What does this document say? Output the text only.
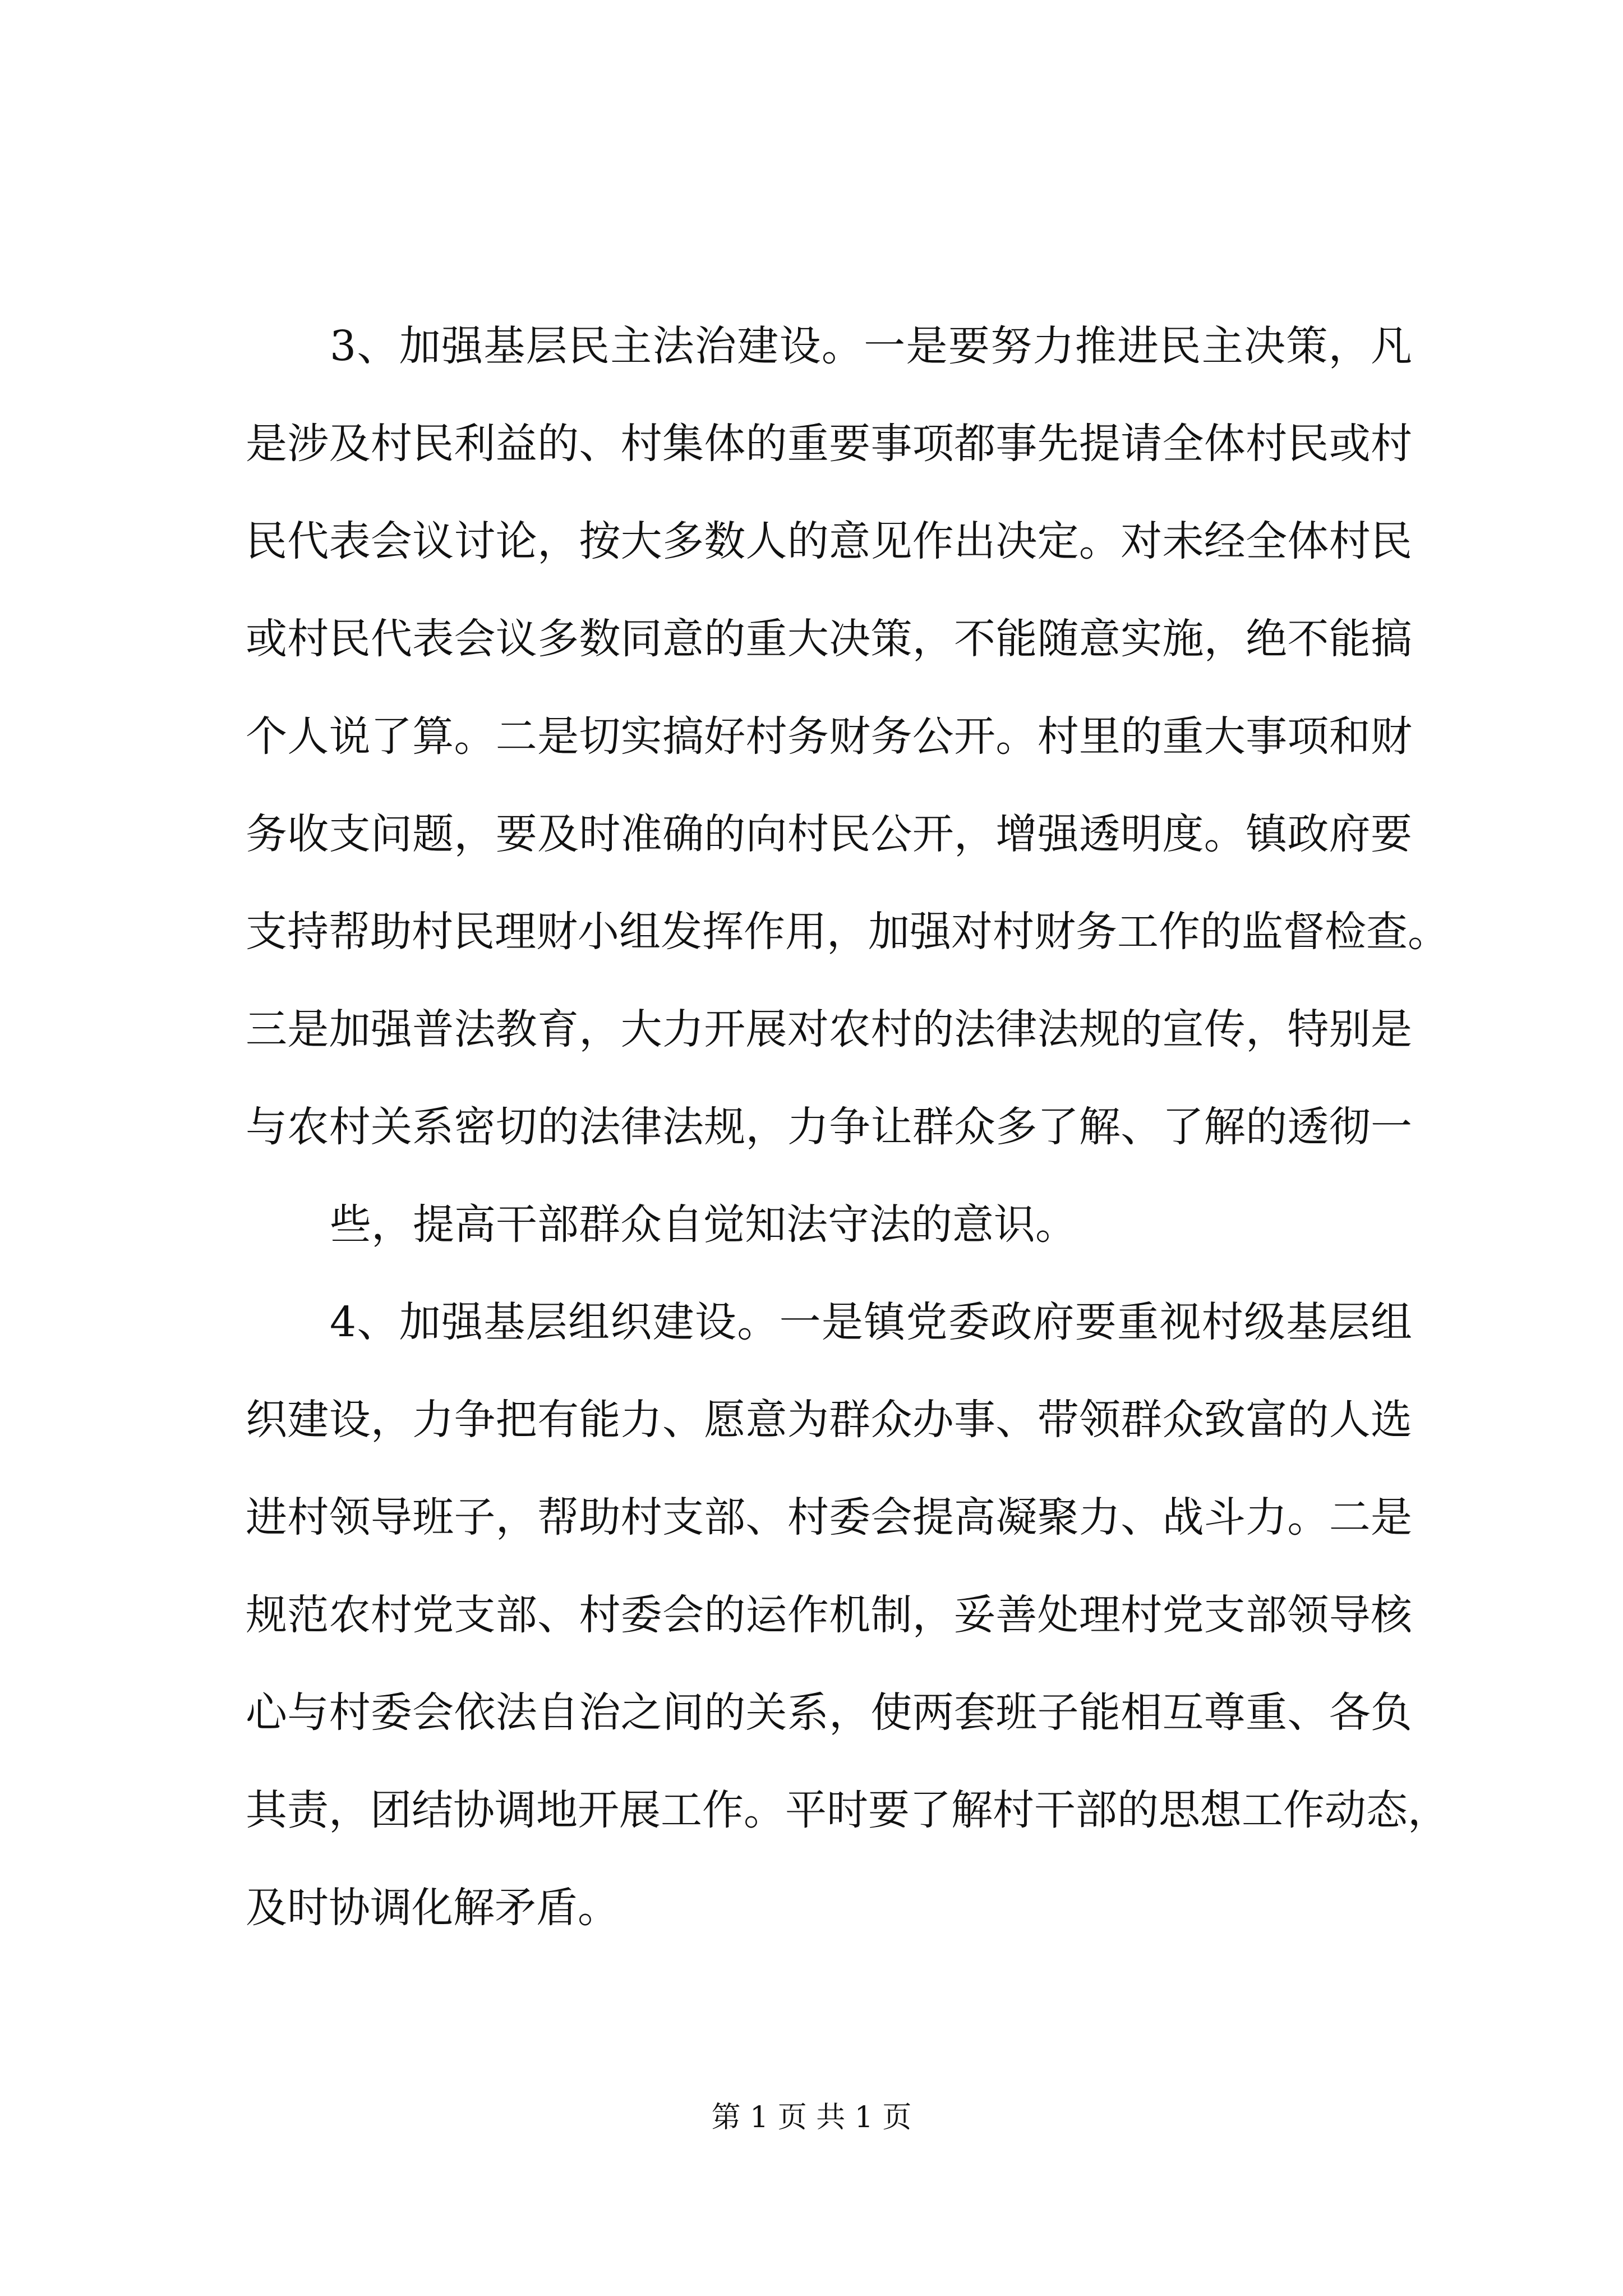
3、加强基层民主法治建设。一是要努力推进民主决策，凡
是涉及村民利益的、村集体的重要事项都事先提请全体村民或村
民代表会议讨论，按大多数人的意见作出决定。对未经全体村民
或村民代表会议多数同意的重大决策，不能随意实施，绝不能搞
个人说了算。二是切实搞好村务财务公开。村里的重大事项和财
务收支问题，要及时准确的向村民公开，增强透明度。镇政府要
支持帮助村民理财小组发挥作用，加强对村财务工作的监督检查。
三是加强普法教育，大力开展对农村的法律法规的宣传，特别是
与农村关系密切的法律法规，力争让群众多了解、了解的透彻一
些，提高干部群众自觉知法守法的意识。
4、加强基层组织建设。一是镇党委政府要重视村级基层组
织建设，力争把有能力、愿意为群众办事、带领群众致富的人选
进村领导班子，帮助村支部、村委会提高凝聚力、战斗力。二是
规范农村党支部、村委会的运作机制，妥善处理村党支部领导核
心与村委会依法自治之间的关系，使两套班子能相互尊重、各负
其责，团结协调地开展工作。平时要了解村干部的思想工作动态，
及时协调化解矛盾。
第 1 页 共 1 页
